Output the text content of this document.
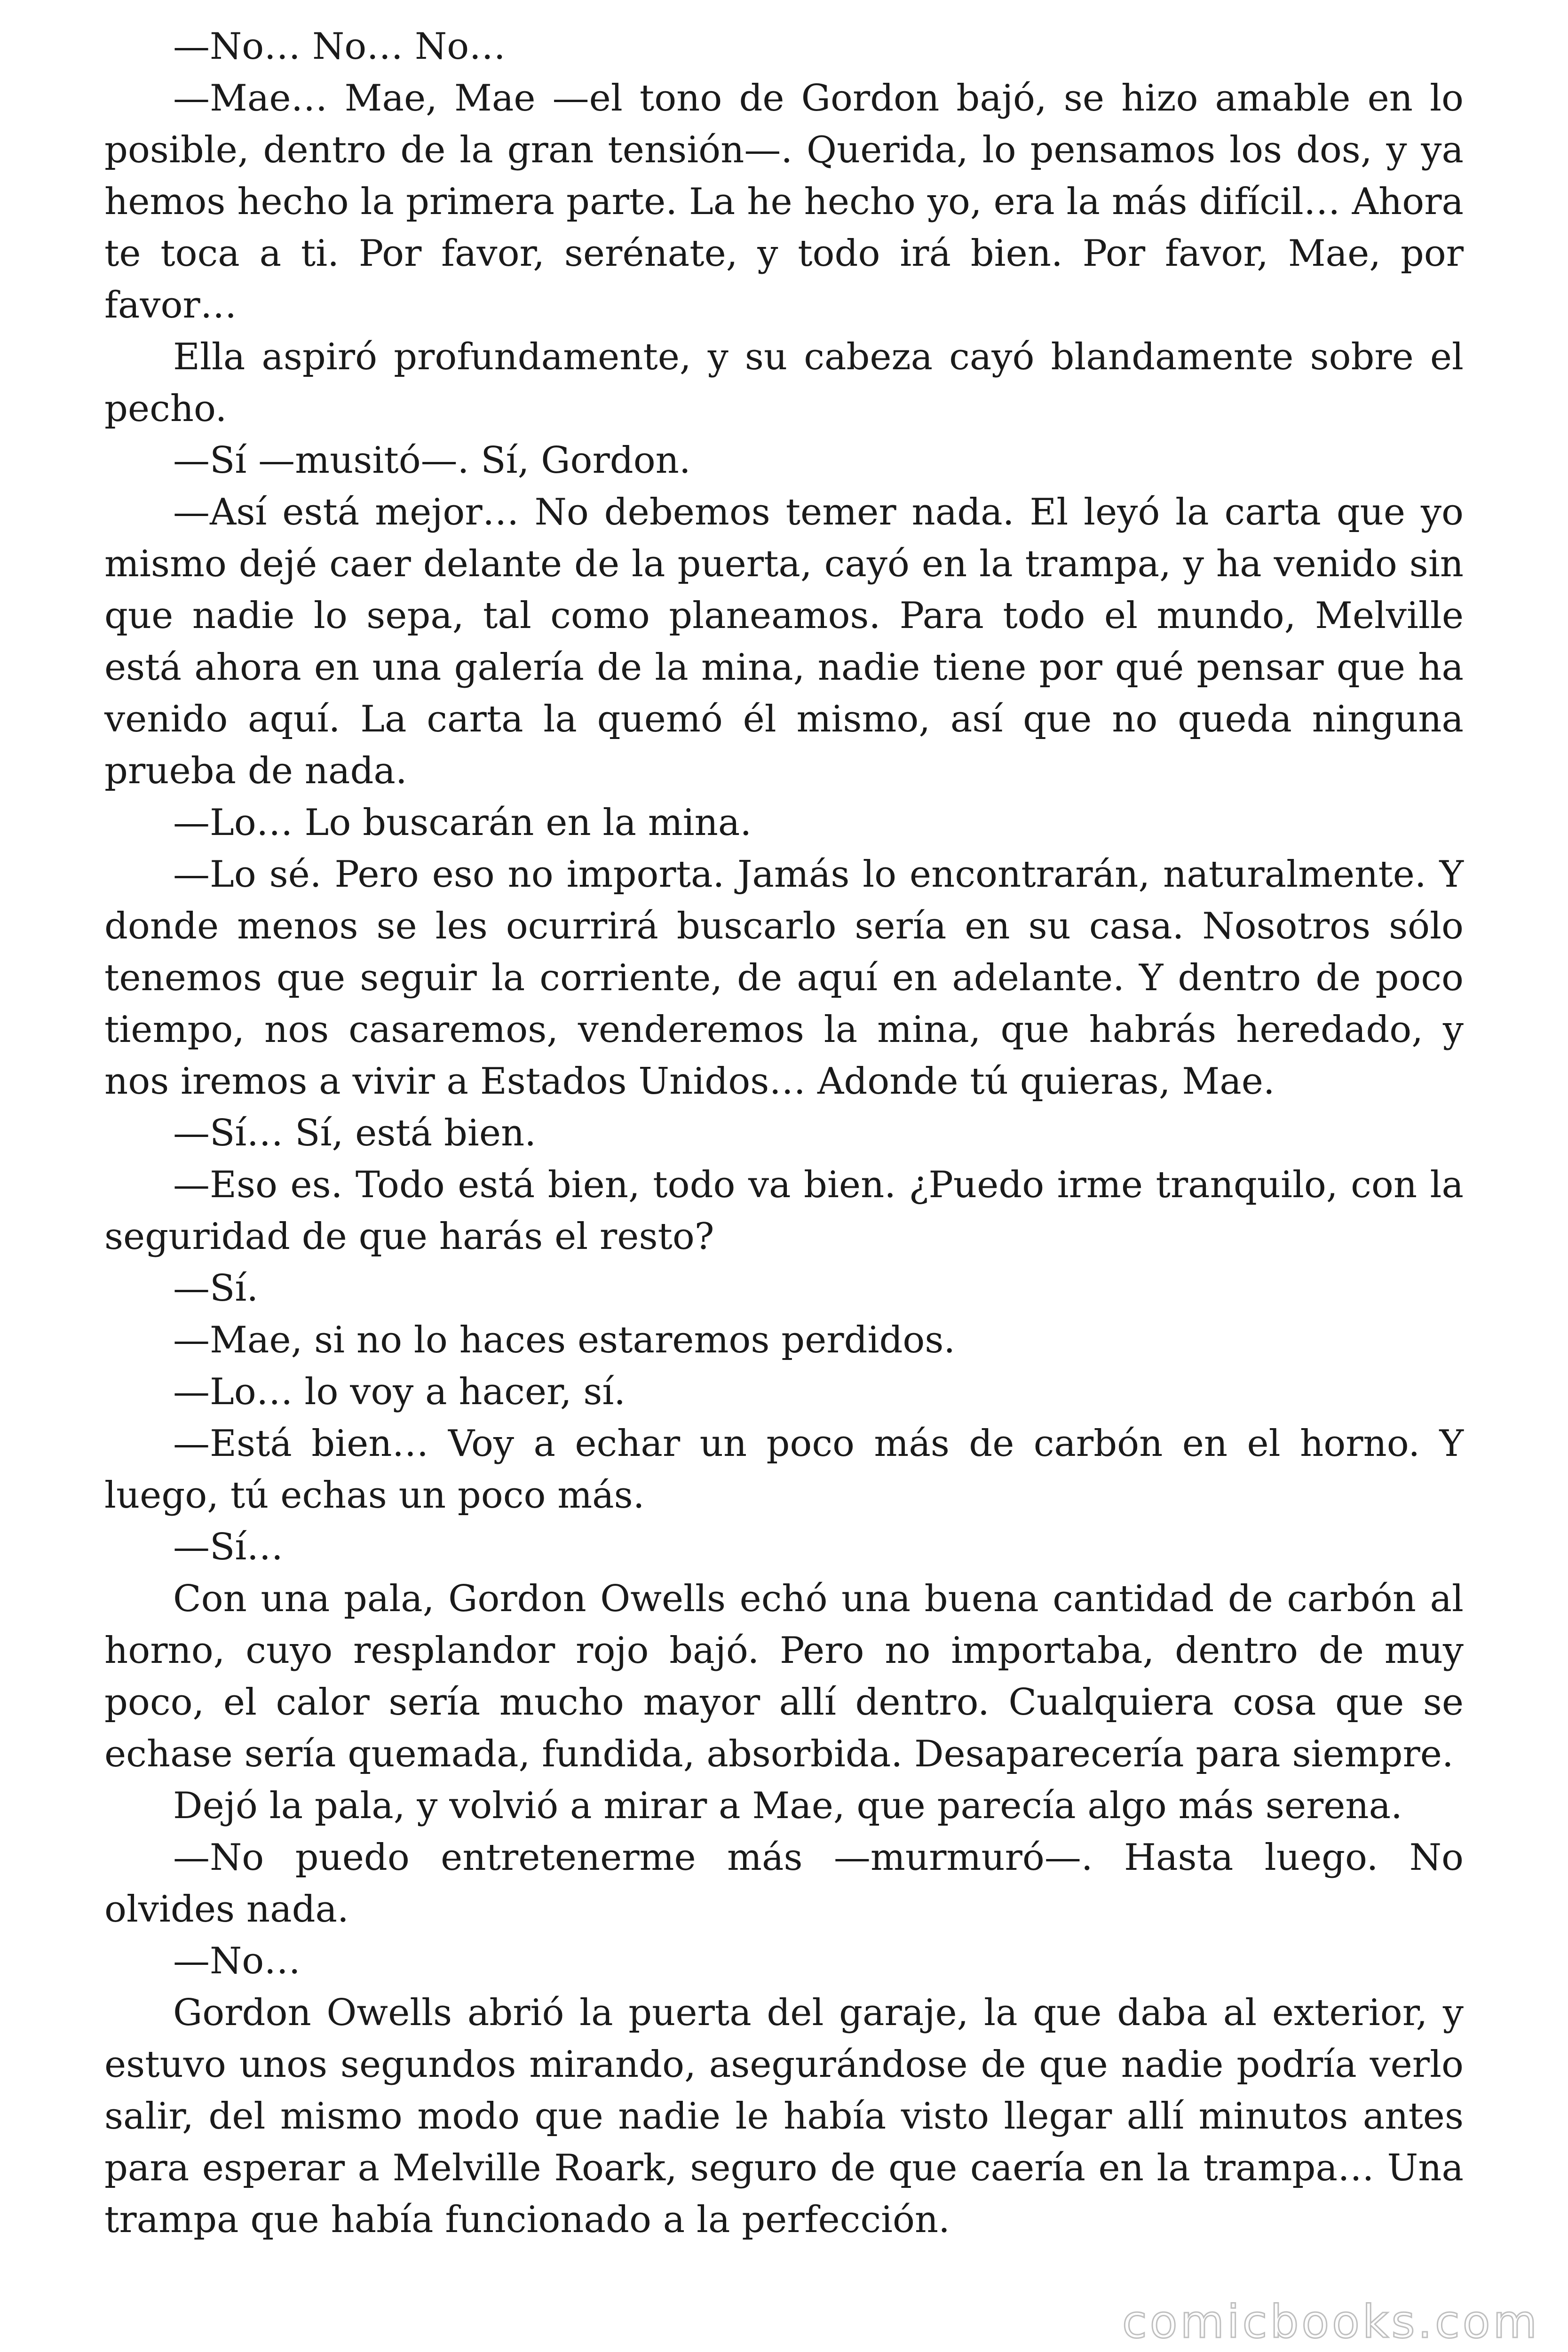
—No… No… No…

—Mae… Mae, Mae —el tono de Gordon bajó, se hizo amable en lo posible, dentro de la gran tensión—. Querida, lo pensamos los dos, y ya hemos hecho la primera parte. La he hecho yo, era la más difícil… Ahora te toca a ti. Por favor, serénate, y todo irá bien. Por favor, Mae, por favor…

Ella aspiró profundamente, y su cabeza cayó blandamente sobre el pecho.

—Sí —musitó—. Sí, Gordon.

—Así está mejor… No debemos temer nada. El leyó la carta que yo mismo dejé caer delante de la puerta, cayó en la trampa, y ha venido sin que nadie lo sepa, tal como planeamos. Para todo el mundo, Melville está ahora en una galería de la mina, nadie tiene por qué pensar que ha venido aquí. La carta la quemó él mismo, así que no queda ninguna prueba de nada.

—Lo… Lo buscarán en la mina.

—Lo sé. Pero eso no importa. Jamás lo encontrarán, naturalmente. Y donde menos se les ocurrirá buscarlo sería en su casa. Nosotros sólo tenemos que seguir la corriente, de aquí en adelante. Y dentro de poco tiempo, nos casaremos, venderemos la mina, que habrás heredado, y nos iremos a vivir a Estados Unidos… Adonde tú quieras, Mae.

—Sí… Sí, está bien.

—Eso es. Todo está bien, todo va bien. ¿Puedo irme tranquilo, con la seguridad de que harás el resto?

—Sí.

—Mae, si no lo haces estaremos perdidos.

—Lo… lo voy a hacer, sí.

—Está bien… Voy a echar un poco más de carbón en el horno. Y luego, tú echas un poco más.

—Sí…

Con una pala, Gordon Owells echó una buena cantidad de carbón al horno, cuyo resplandor rojo bajó. Pero no importaba, dentro de muy poco, el calor sería mucho mayor allí dentro. Cualquiera cosa que se echase sería quemada, fundida, absorbida. Desaparecería para siempre.

Dejó la pala, y volvió a mirar a Mae, que parecía algo más serena.

—No puedo entretenerme más —murmuró—. Hasta luego. No olvides nada.

—No…

Gordon Owells abrió la puerta del garaje, la que daba al exterior, y estuvo unos segundos mirando, asegurándose de que nadie podría verlo salir, del mismo modo que nadie le había visto llegar allí minutos antes para esperar a Melville Roark, seguro de que caería en la trampa… Una trampa que había funcionado a la perfección.

comicbooks.com
